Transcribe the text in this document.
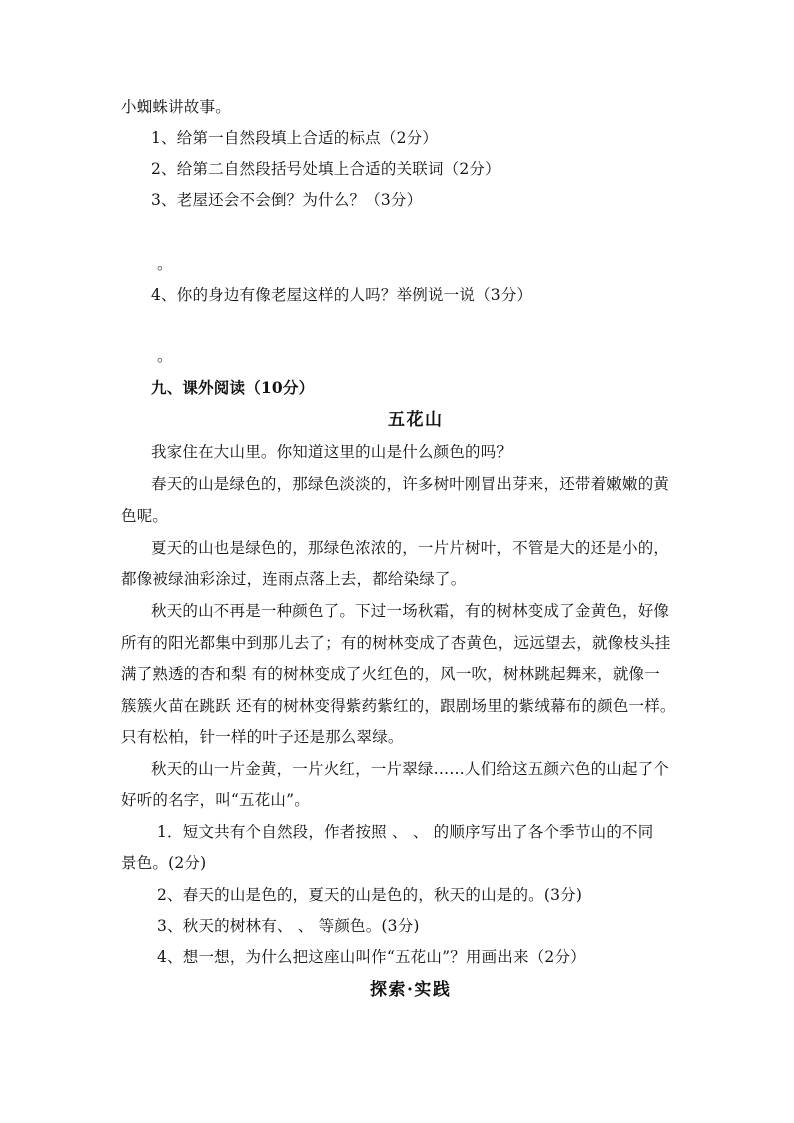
小蜘蛛讲故事。
1、给第一自然段填上合适的标点（2分）
2、给第二自然段括号处填上合适的关联词（2分）
3、老屋还会不会倒？为什么？（3分）
。
4、你的身边有像老屋这样的人吗？举例说一说（3分）
。
九、课外阅读（10分）
五花山
我家住在大山里。你知道这里的山是什么颜色的吗？
春天的山是绿色的，那绿色淡淡的，许多树叶刚冒出芽来，还带着嫩嫩的黄
色呢。
夏天的山也是绿色的，那绿色浓浓的，一片片树叶，不管是大的还是小的，
都像被绿油彩涂过，连雨点落上去，都给染绿了。
秋天的山不再是一种颜色了。下过一场秋霜，有的树林变成了金黄色，好像
所有的阳光都集中到那儿去了；有的树林变成了杏黄色，远远望去，就像枝头挂
满了熟透的杏和梨 有的树林变成了火红色的，风一吹，树林跳起舞来，就像一
簇簇火苗在跳跃 还有的树林变得紫药紫红的，跟剧场里的紫绒幕布的颜色一样。
只有松柏，针一样的叶子还是那么翠绿。
秋天的山一片金黄，一片火红，一片翠绿……人们给这五颜六色的山起了个
好听的名字，叫“五花山”。
1．短文共有个自然段，作者按照 、 、 的顺序写出了各个季节山的不同
景色。(2分)
2、春天的山是色的，夏天的山是色的，秋天的山是的。(3分)
3、秋天的树林有、 、 等颜色。(3分)
4、想一想，为什么把这座山叫作“五花山”？用画出来（2分）
探索·实践
